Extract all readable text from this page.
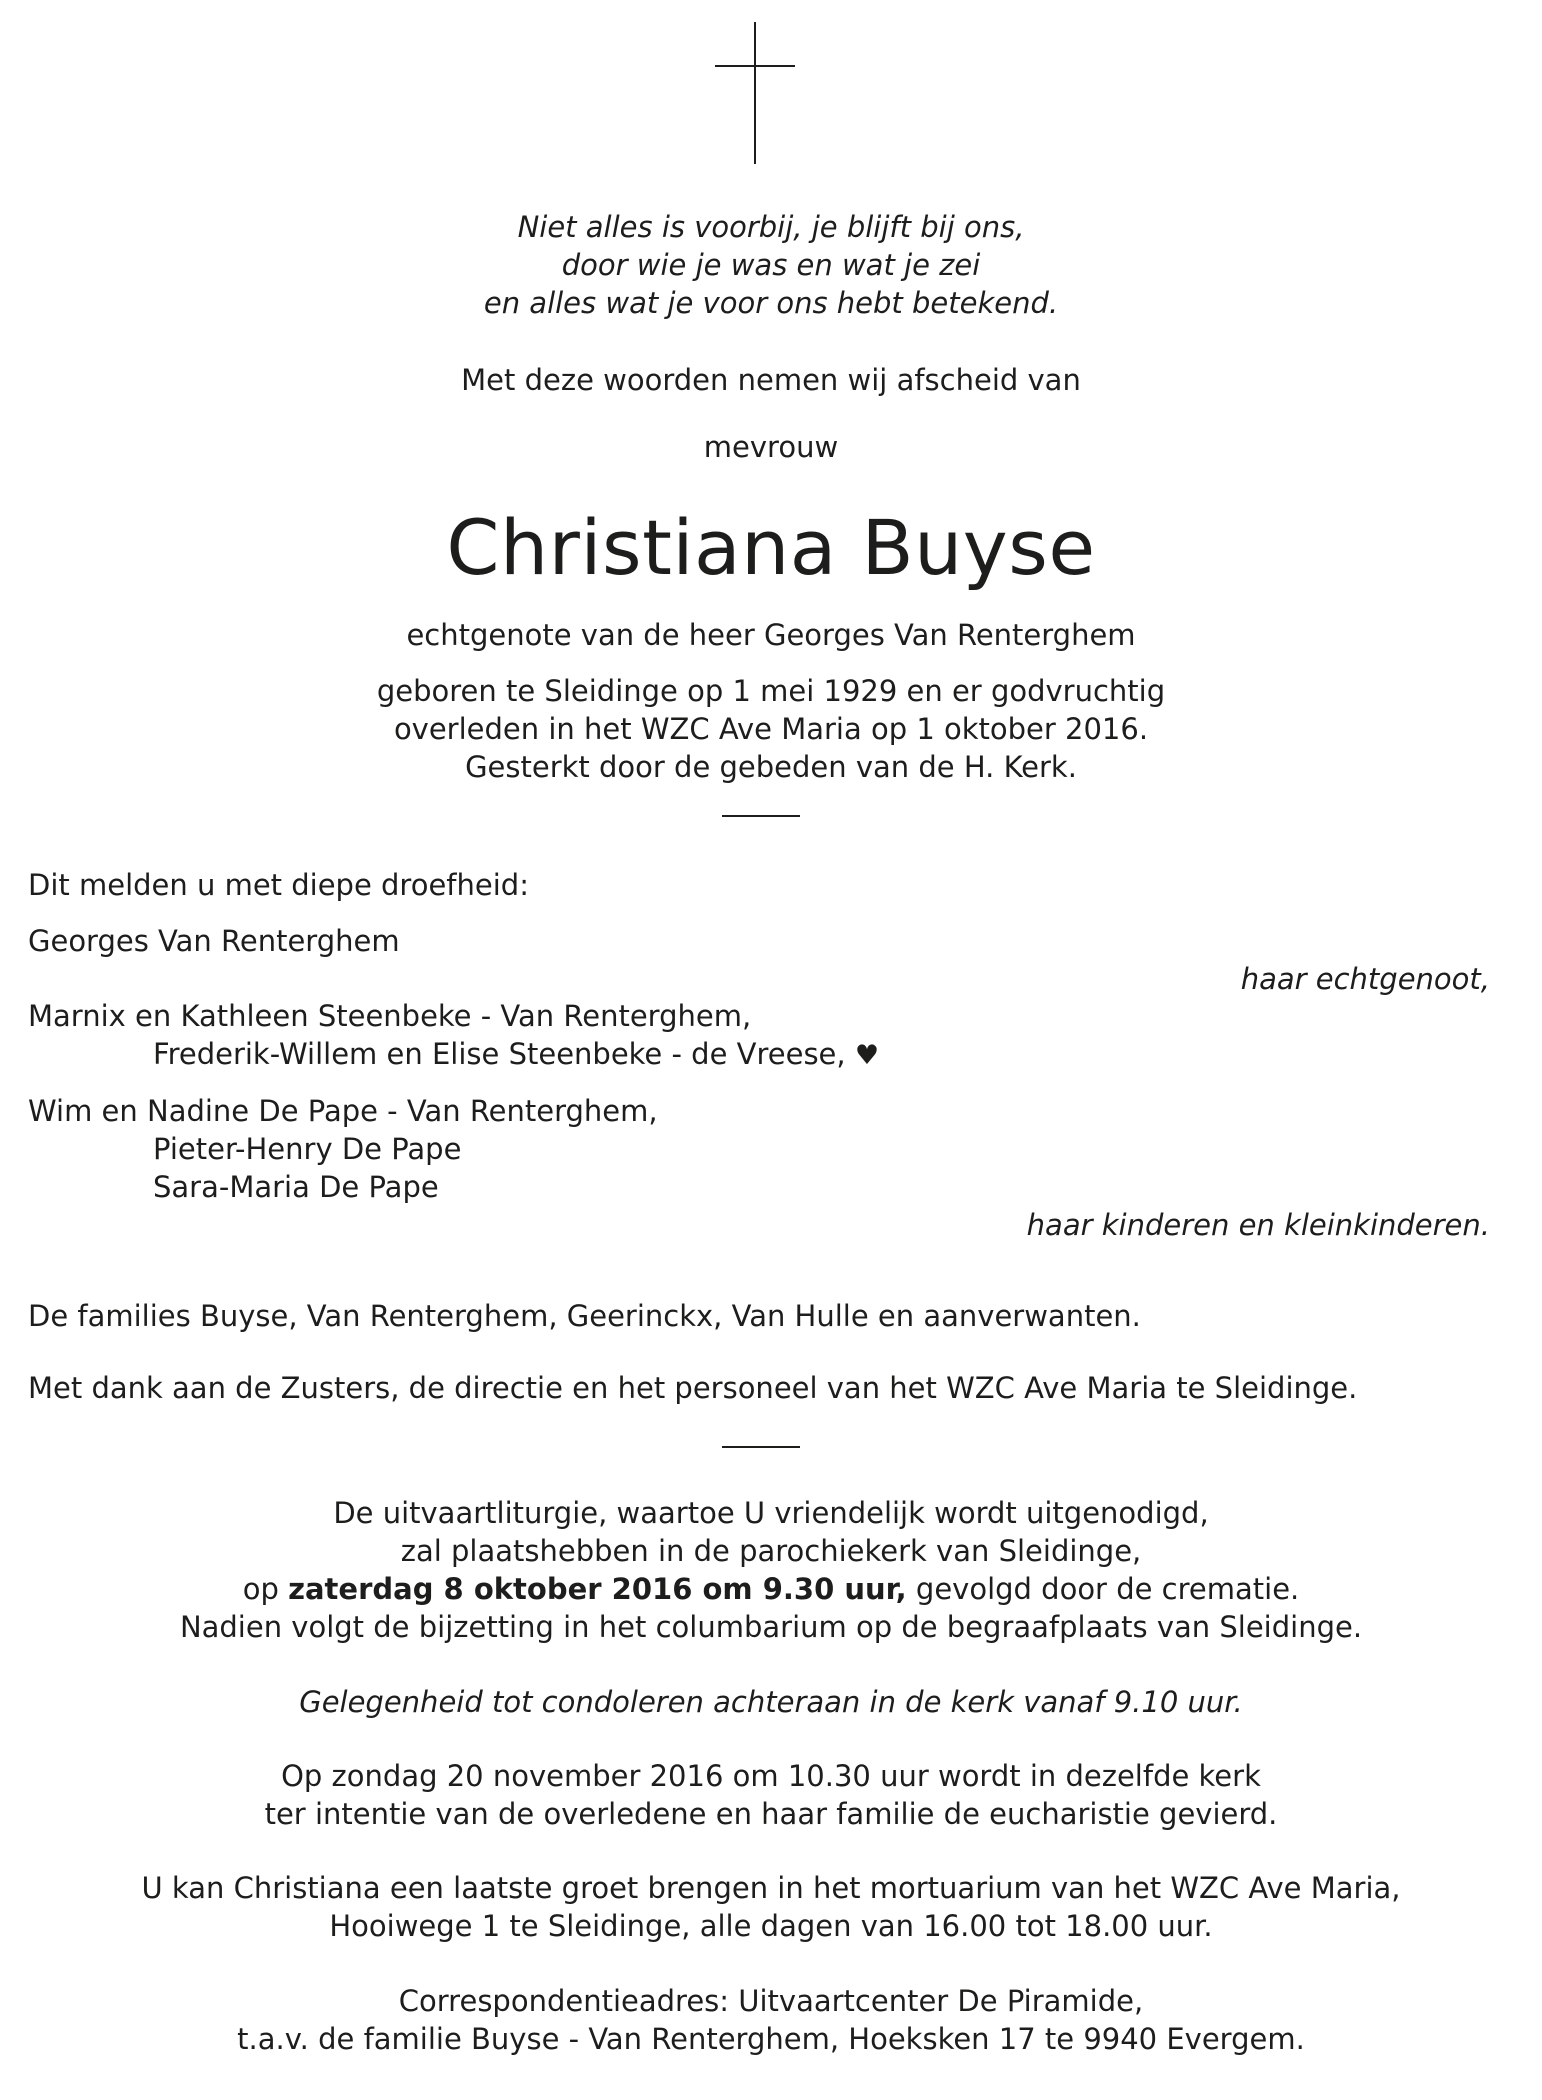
Niet alles is voorbij, je blijft bij ons,
door wie je was en wat je zei
en alles wat je voor ons hebt betekend.
Met deze woorden nemen wij afscheid van
mevrouw
Christiana Buyse
echtgenote van de heer Georges Van Renterghem
geboren te Sleidinge op 1 mei 1929 en er godvruchtig
overleden in het WZC Ave Maria op 1 oktober 2016.
Gesterkt door de gebeden van de H. Kerk.
Dit melden u met diepe droefheid:
Georges Van Renterghem
haar echtgenoot,
Marnix en Kathleen Steenbeke - Van Renterghem,
Frederik-Willem en Elise Steenbeke - de Vreese, ♥
Wim en Nadine De Pape - Van Renterghem,
Pieter-Henry De Pape
Sara-Maria De Pape
haar kinderen en kleinkinderen.
De families Buyse, Van Renterghem, Geerinckx, Van Hulle en aanverwanten.
Met dank aan de Zusters, de directie en het personeel van het WZC Ave Maria te Sleidinge.
De uitvaartliturgie, waartoe U vriendelijk wordt uitgenodigd,
zal plaatshebben in de parochiekerk van Sleidinge,
op zaterdag 8 oktober 2016 om 9.30 uur, gevolgd door de crematie.
Nadien volgt de bijzetting in het columbarium op de begraafplaats van Sleidinge.
Gelegenheid tot condoleren achteraan in de kerk vanaf 9.10 uur.
Op zondag 20 november 2016 om 10.30 uur wordt in dezelfde kerk
ter intentie van de overledene en haar familie de eucharistie gevierd.
U kan Christiana een laatste groet brengen in het mortuarium van het WZC Ave Maria,
Hooiwege 1 te Sleidinge, alle dagen van 16.00 tot 18.00 uur.
Correspondentieadres: Uitvaartcenter De Piramide,
t.a.v. de familie Buyse - Van Renterghem, Hoeksken 17 te 9940 Evergem.
